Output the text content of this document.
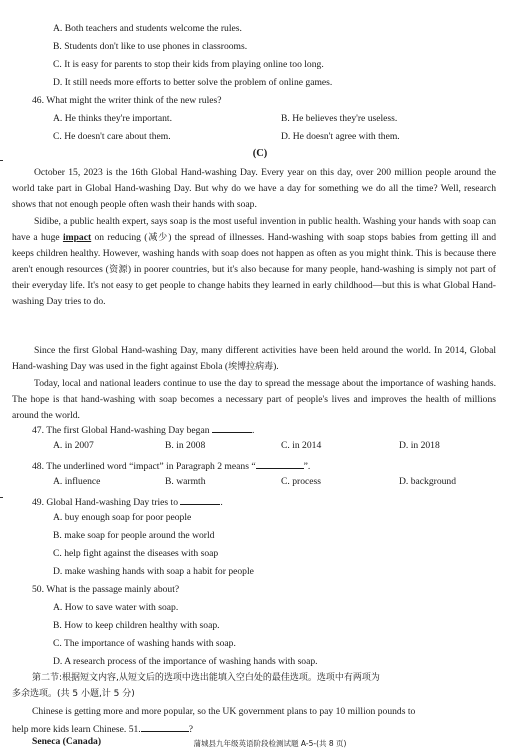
A. Both teachers and students welcome the rules.
B. Students don't like to use phones in classrooms.
C. It is easy for parents to stop their kids from playing online too long.
D. It still needs more efforts to better solve the problem of online games.
46. What might the writer think of the new rules?
A. He thinks they're important.	B. He believes they're useless.
C. He doesn't care about them.	D. He doesn't agree with them.
(C)
October 15, 2023 is the 16th Global Hand-washing Day. Every year on this day, over 200 million people around the world take part in Global Hand-washing Day. But why do we have a day for something we do all the time? Well, research shows that not enough people often wash their hands with soap.
Sidibe, a public health expert, says soap is the most useful invention in public health. Washing your hands with soap can have a huge impact on reducing (减少) the spread of illnesses. Hand-washing with soap stops babies from getting ill and keeps children healthy. However, washing hands with soap does not happen as often as you might think. This is because there aren't enough resources (资源) in poorer countries, but it's also because for many people, hand-washing is simply not part of their everyday life. It's not easy to get people to change habits they learned in early childhood—but this is what Global Hand-washing Day tries to do.
Since the first Global Hand-washing Day, many different activities have been held around the world. In 2014, Global Hand-washing Day was used in the fight against Ebola (埃博拉病毒).
Today, local and national leaders continue to use the day to spread the message about the importance of washing hands. The hope is that hand-washing with soap becomes a necessary part of people's lives and improves the health of millions around the world.
47. The first Global Hand-washing Day began	.
A. in 2007	B. in 2008	C. in 2014	D. in 2018
48. The underlined word “impact” in Paragraph 2 means “	”.
A. influence	B. warmth	C. process	D. background
49. Global Hand-washing Day tries to	.
A. buy enough soap for poor people
B. make soap for people around the world
C. help fight against the diseases with soap
D. make washing hands with soap a habit for people
50. What is the passage mainly about?
A. How to save water with soap.
B. How to keep children healthy with soap.
C. The importance of washing hands with soap.
D. A research process of the importance of washing hands with soap.
第二节:根据短文内容,从短文后的选项中选出能填入空白处的最佳选项。选项中有两项为
多余选项。(共 5 小题,计 5 分)
Chinese is getting more and more popular, so the UK government plans to pay 10 million pounds to
help more kids learn Chinese. 51.	?
Seneca (Canada)	蒲城县九年级英语阶段检测试题 A-5-(共 8 页)
